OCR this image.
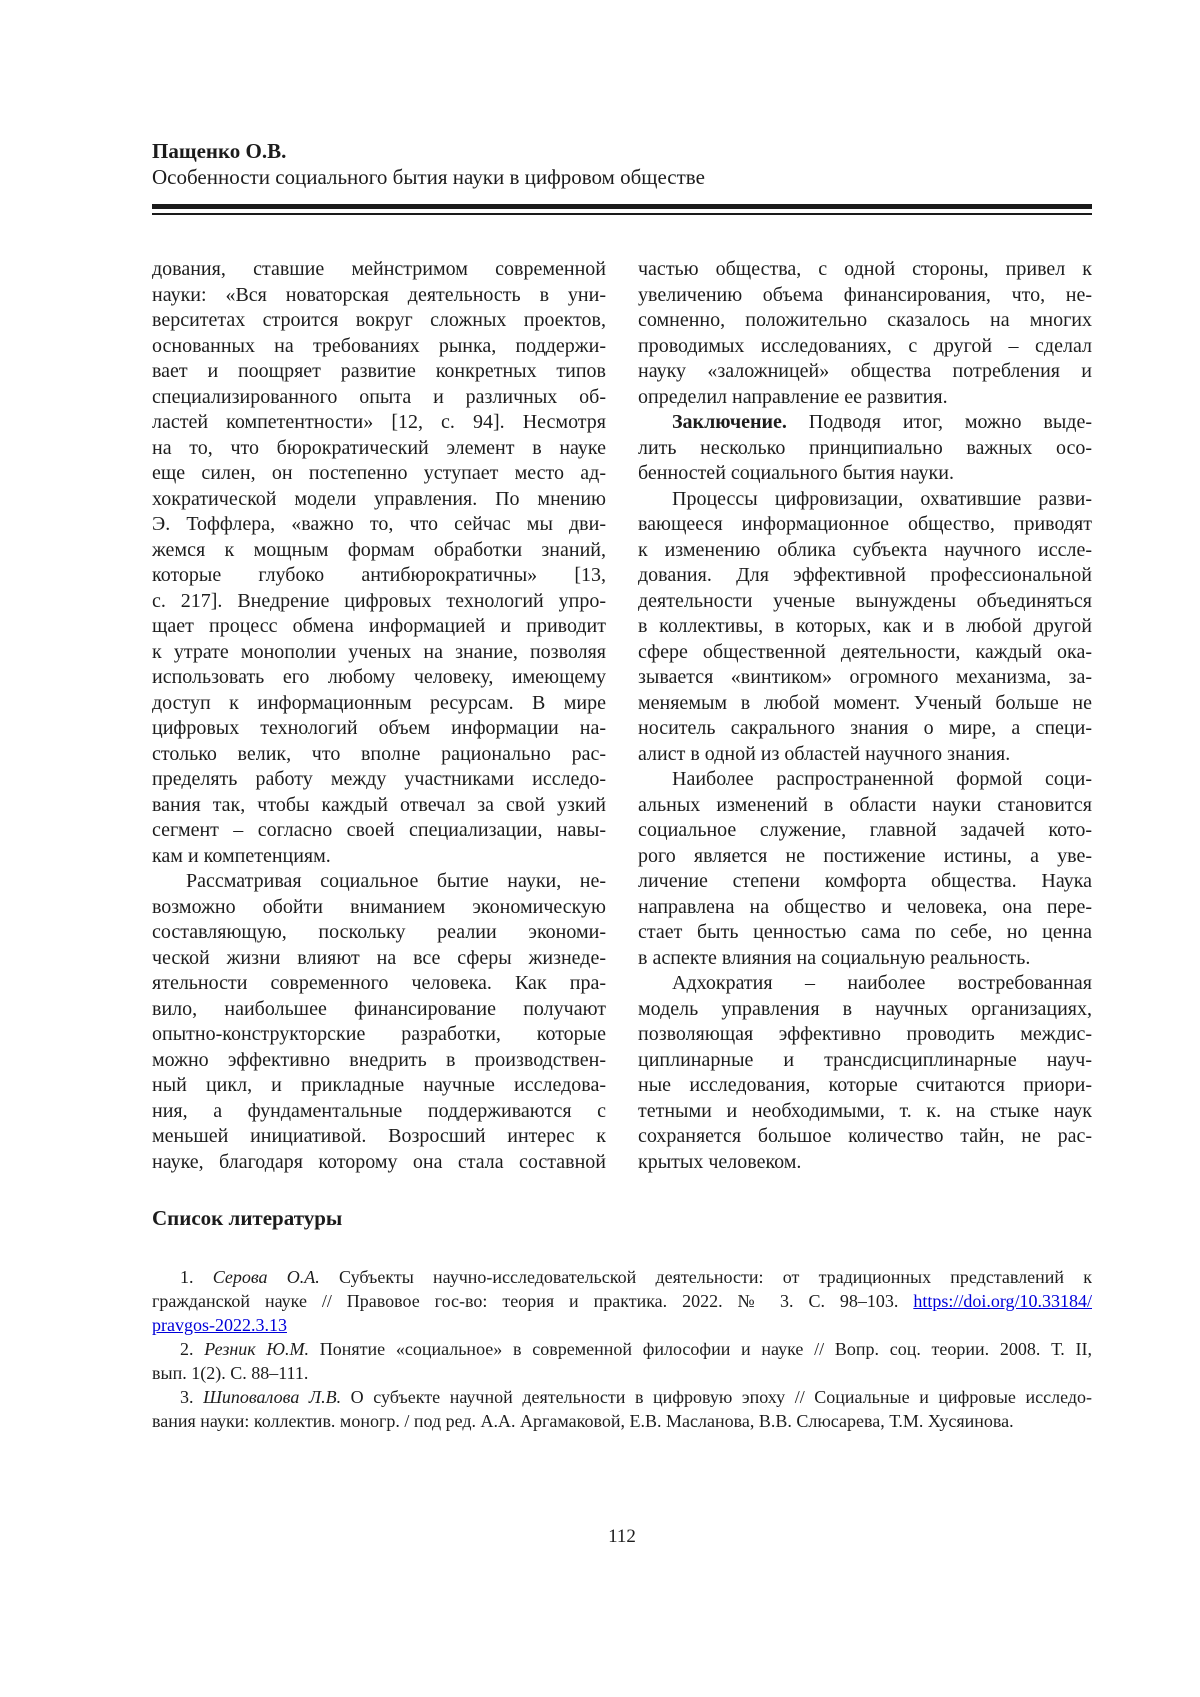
Пащенко О.В.
Особенности социального бытия науки в цифровом обществе
дования, ставшие мейнстримом современной
науки: «Вся новаторская деятельность в уни-
верситетах строится вокруг сложных проектов,
основанных на требованиях рынка, поддержи-
вает и поощряет развитие конкретных типов
специализированного опыта и различных об-
ластей компетентности» [12, с. 94]. Несмотря
на то, что бюрократический элемент в науке
еще силен, он постепенно уступает место ад-
хократической модели управления. По мнению
Э. Тоффлера, «важно то, что сейчас мы дви-
жемся к мощным формам обработки знаний,
которые глубоко антибюрократичны» [13,
с. 217]. Внедрение цифровых технологий упро-
щает процесс обмена информацией и приводит
к утрате монополии ученых на знание, позволяя
использовать его любому человеку, имеющему
доступ к информационным ресурсам. В мире
цифровых технологий объем информации на-
столько велик, что вполне рационально рас-
пределять работу между участниками исследо-
вания так, чтобы каждый отвечал за свой узкий
сегмент – согласно своей специализации, навы-
кам и компетенциям.
Рассматривая социальное бытие науки, не-
возможно обойти вниманием экономическую
составляющую, поскольку реалии экономи-
ческой жизни влияют на все сферы жизнеде-
ятельности современного человека. Как пра-
вило, наибольшее финансирование получают
опытно-конструкторские разработки, которые
можно эффективно внедрить в производствен-
ный цикл, и прикладные научные исследова-
ния, а фундаментальные поддерживаются с
меньшей инициативой. Возросший интерес к
науке, благодаря которому она стала составной
частью общества, с одной стороны, привел к
увеличению объема финансирования, что, не-
сомненно, положительно сказалось на многих
проводимых исследованиях, с другой – сделал
науку «заложницей» общества потребления и
определил направление ее развития.
Заключение. Подводя итог, можно выде-
лить несколько принципиально важных осо-
бенностей социального бытия науки.
Процессы цифровизации, охватившие разви-
вающееся информационное общество, приводят
к изменению облика субъекта научного иссле-
дования. Для эффективной профессиональной
деятельности ученые вынуждены объединяться
в коллективы, в которых, как и в любой другой
сфере общественной деятельности, каждый ока-
зывается «винтиком» огромного механизма, за-
меняемым в любой момент. Ученый больше не
носитель сакрального знания о мире, а специ-
алист в одной из областей научного знания.
Наиболее распространенной формой соци-
альных изменений в области науки становится
социальное служение, главной задачей кото-
рого является не постижение истины, а уве-
личение степени комфорта общества. Наука
направлена на общество и человека, она пере-
стает быть ценностью сама по себе, но ценна
в аспекте влияния на социальную реальность.
Адхократия – наиболее востребованная
модель управления в научных организациях,
позволяющая эффективно проводить междис-
циплинарные и трансдисциплинарные науч-
ные исследования, которые считаются приори-
тетными и необходимыми, т. к. на стыке наук
сохраняется большое количество тайн, не рас-
крытых человеком.
Список литературы
1. Серова О.А. Субъекты научно-исследовательской деятельности: от традиционных представлений к
гражданской науке // Правовое гос-во: теория и практика. 2022. № 3. С. 98–103. https://doi.org/10.33184/
pravgos-2022.3.13
2. Резник Ю.М. Понятие «социальное» в современной философии и науке // Вопр. соц. теории. 2008. Т. II,
вып. 1(2). С. 88–111.
3. Шиповалова Л.В. О субъекте научной деятельности в цифровую эпоху // Социальные и цифровые исследо-
вания науки: коллектив. моногр. / под ред. А.А. Аргамаковой, Е.В. Масланова, В.В. Слюсарева, Т.М. Хусяинова.
112
